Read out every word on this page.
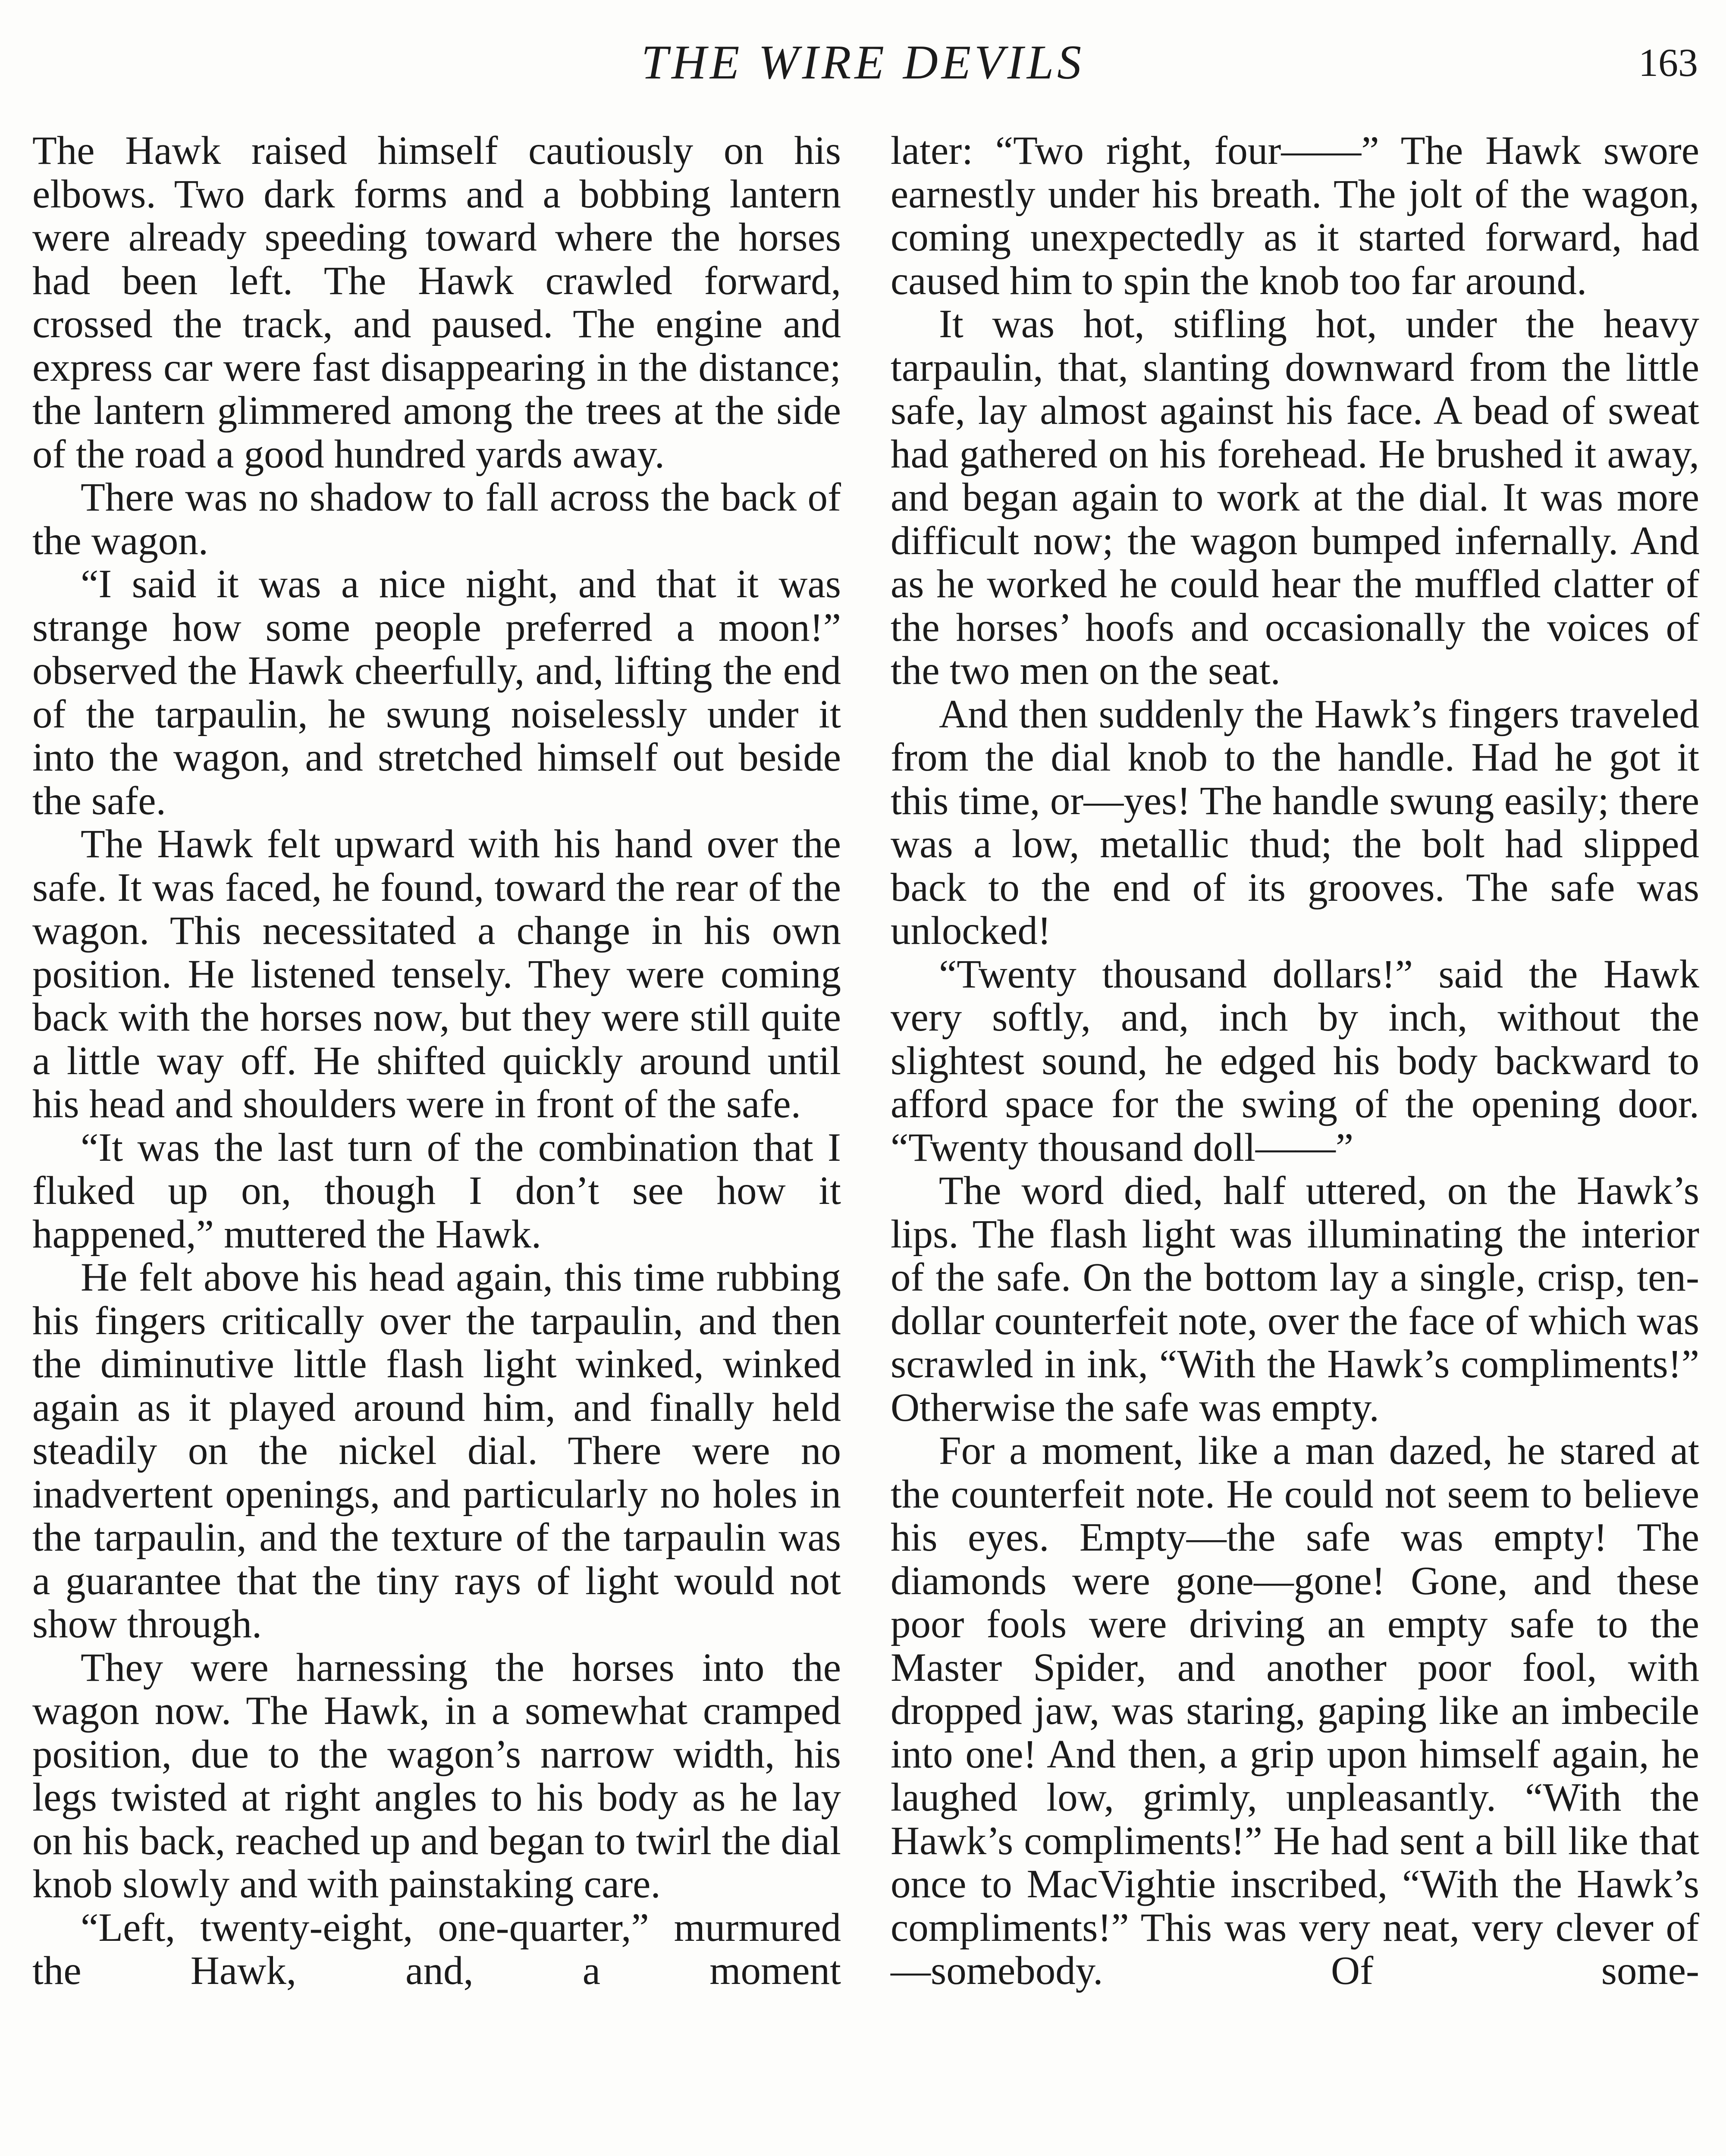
THE WIRE DEVILS	163

The Hawk raised himself cautiously on his elbows. Two dark forms and a bobbing lantern were already speeding toward where the horses had been left. The Hawk crawled forward, crossed the track, and paused. The engine and express car were fast disappearing in the distance; the lantern glimmered among the trees at the side of the road a good hundred yards away.

There was no shadow to fall across the back of the wagon.

“I said it was a nice night, and that it was strange how some people preferred a moon!” observed the Hawk cheerfully, and, lifting the end of the tarpaulin, he swung noiselessly under it into the wagon, and stretched himself out beside the safe.

The Hawk felt upward with his hand over the safe. It was faced, he found, toward the rear of the wagon. This necessitated a change in his own position. He listened tensely. They were coming back with the horses now, but they were still quite a little way off. He shifted quickly around until his head and shoulders were in front of the safe.

“It was the last turn of the combination that I fluked up on, though I don’t see how it happened,” muttered the Hawk.

He felt above his head again, this time rubbing his fingers critically over the tarpaulin, and then the diminutive little flash light winked, winked again as it played around him, and finally held steadily on the nickel dial. There were no inadvertent openings, and particularly no holes in the tarpaulin, and the texture of the tarpaulin was a guarantee that the tiny rays of light would not show through.

They were harnessing the horses into the wagon now. The Hawk, in a somewhat cramped position, due to the wagon’s narrow width, his legs twisted at right angles to his body as he lay on his back, reached up and began to twirl the dial knob slowly and with painstaking care.

“Left, twenty-eight, one-quarter,” murmured the Hawk, and, a moment

later: “Two right, four——” The Hawk swore earnestly under his breath. The jolt of the wagon, coming unexpectedly as it started forward, had caused him to spin the knob too far around.

It was hot, stifling hot, under the heavy tarpaulin, that, slanting downward from the little safe, lay almost against his face. A bead of sweat had gathered on his forehead. He brushed it away, and began again to work at the dial. It was more difficult now; the wagon bumped infernally. And as he worked he could hear the muffled clatter of the horses’ hoofs and occasionally the voices of the two men on the seat.

And then suddenly the Hawk’s fingers traveled from the dial knob to the handle. Had he got it this time, or—yes! The handle swung easily; there was a low, metallic thud; the bolt had slipped back to the end of its grooves. The safe was unlocked!

“Twenty thousand dollars!” said the Hawk very softly, and, inch by inch, without the slightest sound, he edged his body backward to afford space for the swing of the opening door. “Twenty thousand doll——”

The word died, half uttered, on the Hawk’s lips. The flash light was illuminating the interior of the safe. On the bottom lay a single, crisp, ten-dollar counterfeit note, over the face of which was scrawled in ink, “With the Hawk’s compliments!” Otherwise the safe was empty.

For a moment, like a man dazed, he stared at the counterfeit note. He could not seem to believe his eyes. Empty—the safe was empty! The diamonds were gone—gone! Gone, and these poor fools were driving an empty safe to the Master Spider, and another poor fool, with dropped jaw, was staring, gaping like an imbecile into one! And then, a grip upon himself again, he laughed low, grimly, unpleasantly. “With the Hawk’s compliments!” He had sent a bill like that once to MacVightie inscribed, “With the Hawk’s compliments!” This was very neat, very clever of—somebody. Of some-
